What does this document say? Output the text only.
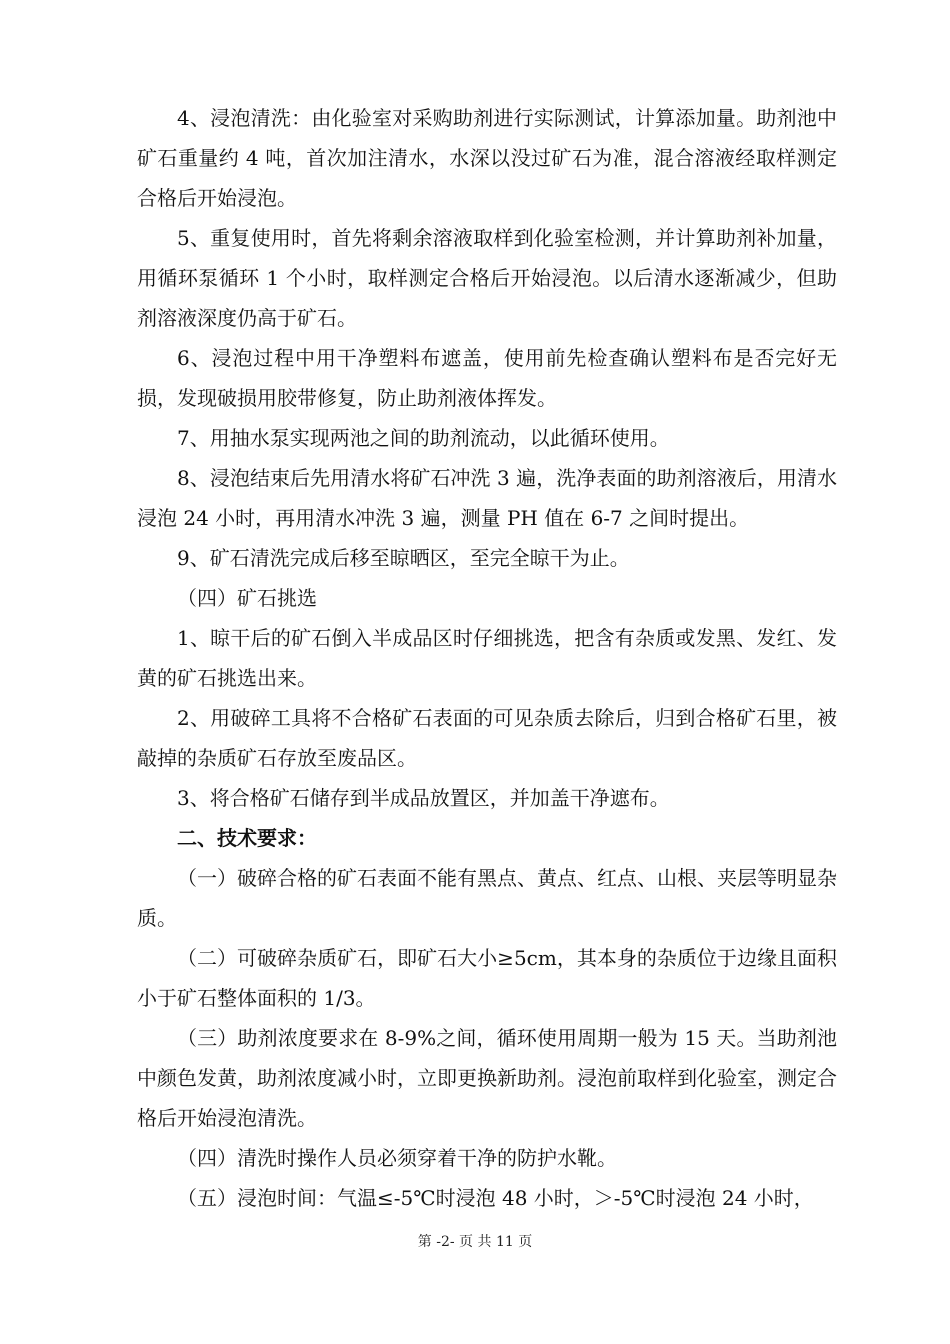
4、浸泡清洗：由化验室对采购助剂进行实际测试，计算添加量。助剂池中矿石重量约 4 吨，首次加注清水，水深以没过矿石为准，混合溶液经取样测定合格后开始浸泡。

5、重复使用时，首先将剩余溶液取样到化验室检测，并计算助剂补加量，用循环泵循环 1 个小时，取样测定合格后开始浸泡。以后清水逐渐减少，但助剂溶液深度仍高于矿石。

6、浸泡过程中用干净塑料布遮盖，使用前先检查确认塑料布是否完好无损，发现破损用胶带修复，防止助剂液体挥发。

7、用抽水泵实现两池之间的助剂流动，以此循环使用。

8、浸泡结束后先用清水将矿石冲洗 3 遍，洗净表面的助剂溶液后，用清水浸泡 24 小时，再用清水冲洗 3 遍，测量 PH 值在 6-7 之间时提出。

9、矿石清洗完成后移至晾晒区，至完全晾干为止。

（四）矿石挑选

1、晾干后的矿石倒入半成品区时仔细挑选，把含有杂质或发黑、发红、发黄的矿石挑选出来。

2、用破碎工具将不合格矿石表面的可见杂质去除后，归到合格矿石里，被敲掉的杂质矿石存放至废品区。

3、将合格矿石储存到半成品放置区，并加盖干净遮布。

二、技术要求：

（一）破碎合格的矿石表面不能有黑点、黄点、红点、山根、夹层等明显杂质。

（二）可破碎杂质矿石，即矿石大小≥5cm，其本身的杂质位于边缘且面积小于矿石整体面积的 1/3。

（三）助剂浓度要求在 8-9%之间，循环使用周期一般为 15 天。当助剂池中颜色发黄，助剂浓度减小时，立即更换新助剂。浸泡前取样到化验室，测定合格后开始浸泡清洗。

（四）清洗时操作人员必须穿着干净的防护水靴。

（五）浸泡时间：气温≤-5℃时浸泡 48 小时，＞-5℃时浸泡 24 小时，

第 -2- 页 共 11 页
